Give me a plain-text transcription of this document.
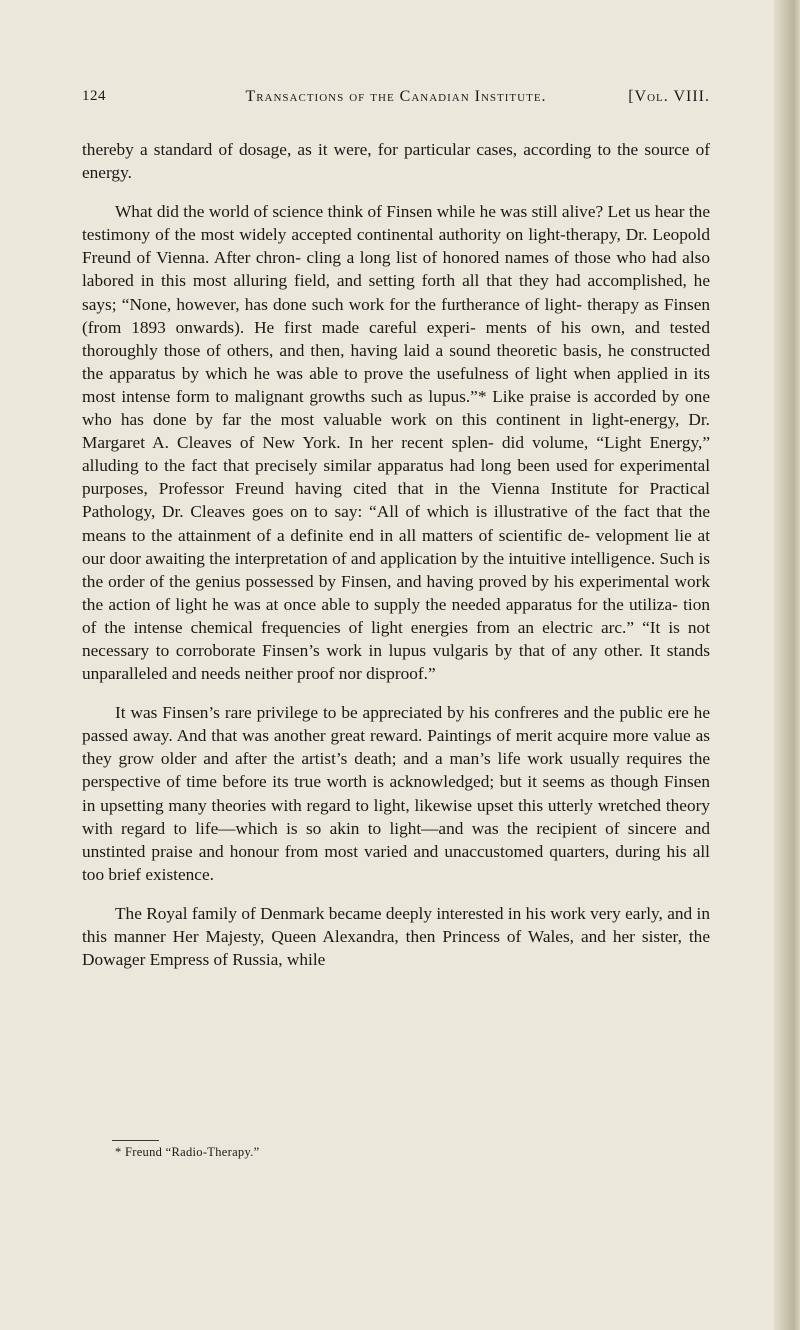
124	Transactions of the Canadian Institute.	[Vol. VIII.

thereby a standard of dosage, as it were, for particular cases, according to the source of energy.

What did the world of science think of Finsen while he was still alive? Let us hear the testimony of the most widely accepted continental authority on light-therapy, Dr. Leopold Freund of Vienna. After chron- cling a long list of honored names of those who had also labored in this most alluring field, and setting forth all that they had accomplished, he says; “None, however, has done such work for the furtherance of light- therapy as Finsen (from 1893 onwards). He first made careful experi- ments of his own, and tested thoroughly those of others, and then, having laid a sound theoretic basis, he constructed the apparatus by which he was able to prove the usefulness of light when applied in its most intense form to malignant growths such as lupus.”* Like praise is accorded by one who has done by far the most valuable work on this continent in light-energy, Dr. Margaret A. Cleaves of New York. In her recent splen- did volume, “Light Energy,” alluding to the fact that precisely similar apparatus had long been used for experimental purposes, Professor Freund having cited that in the Vienna Institute for Practical Pathology, Dr. Cleaves goes on to say: “All of which is illustrative of the fact that the means to the attainment of a definite end in all matters of scientific de- velopment lie at our door awaiting the interpretation of and application by the intuitive intelligence. Such is the order of the genius possessed by Finsen, and having proved by his experimental work the action of light he was at once able to supply the needed apparatus for the utiliza- tion of the intense chemical frequencies of light energies from an electric arc.” “It is not necessary to corroborate Finsen’s work in lupus vulgaris by that of any other. It stands unparalleled and needs neither proof nor disproof.”

It was Finsen’s rare privilege to be appreciated by his confreres and the public ere he passed away. And that was another great reward. Paintings of merit acquire more value as they grow older and after the artist’s death; and a man’s life work usually requires the perspective of time before its true worth is acknowledged; but it seems as though Finsen in upsetting many theories with regard to light, likewise upset this utterly wretched theory with regard to life—which is so akin to light—and was the recipient of sincere and unstinted praise and honour from most varied and unaccustomed quarters, during his all too brief existence.

The Royal family of Denmark became deeply interested in his work very early, and in this manner Her Majesty, Queen Alexandra, then Princess of Wales, and her sister, the Dowager Empress of Russia, while

* Freund “Radio-Therapy.”
